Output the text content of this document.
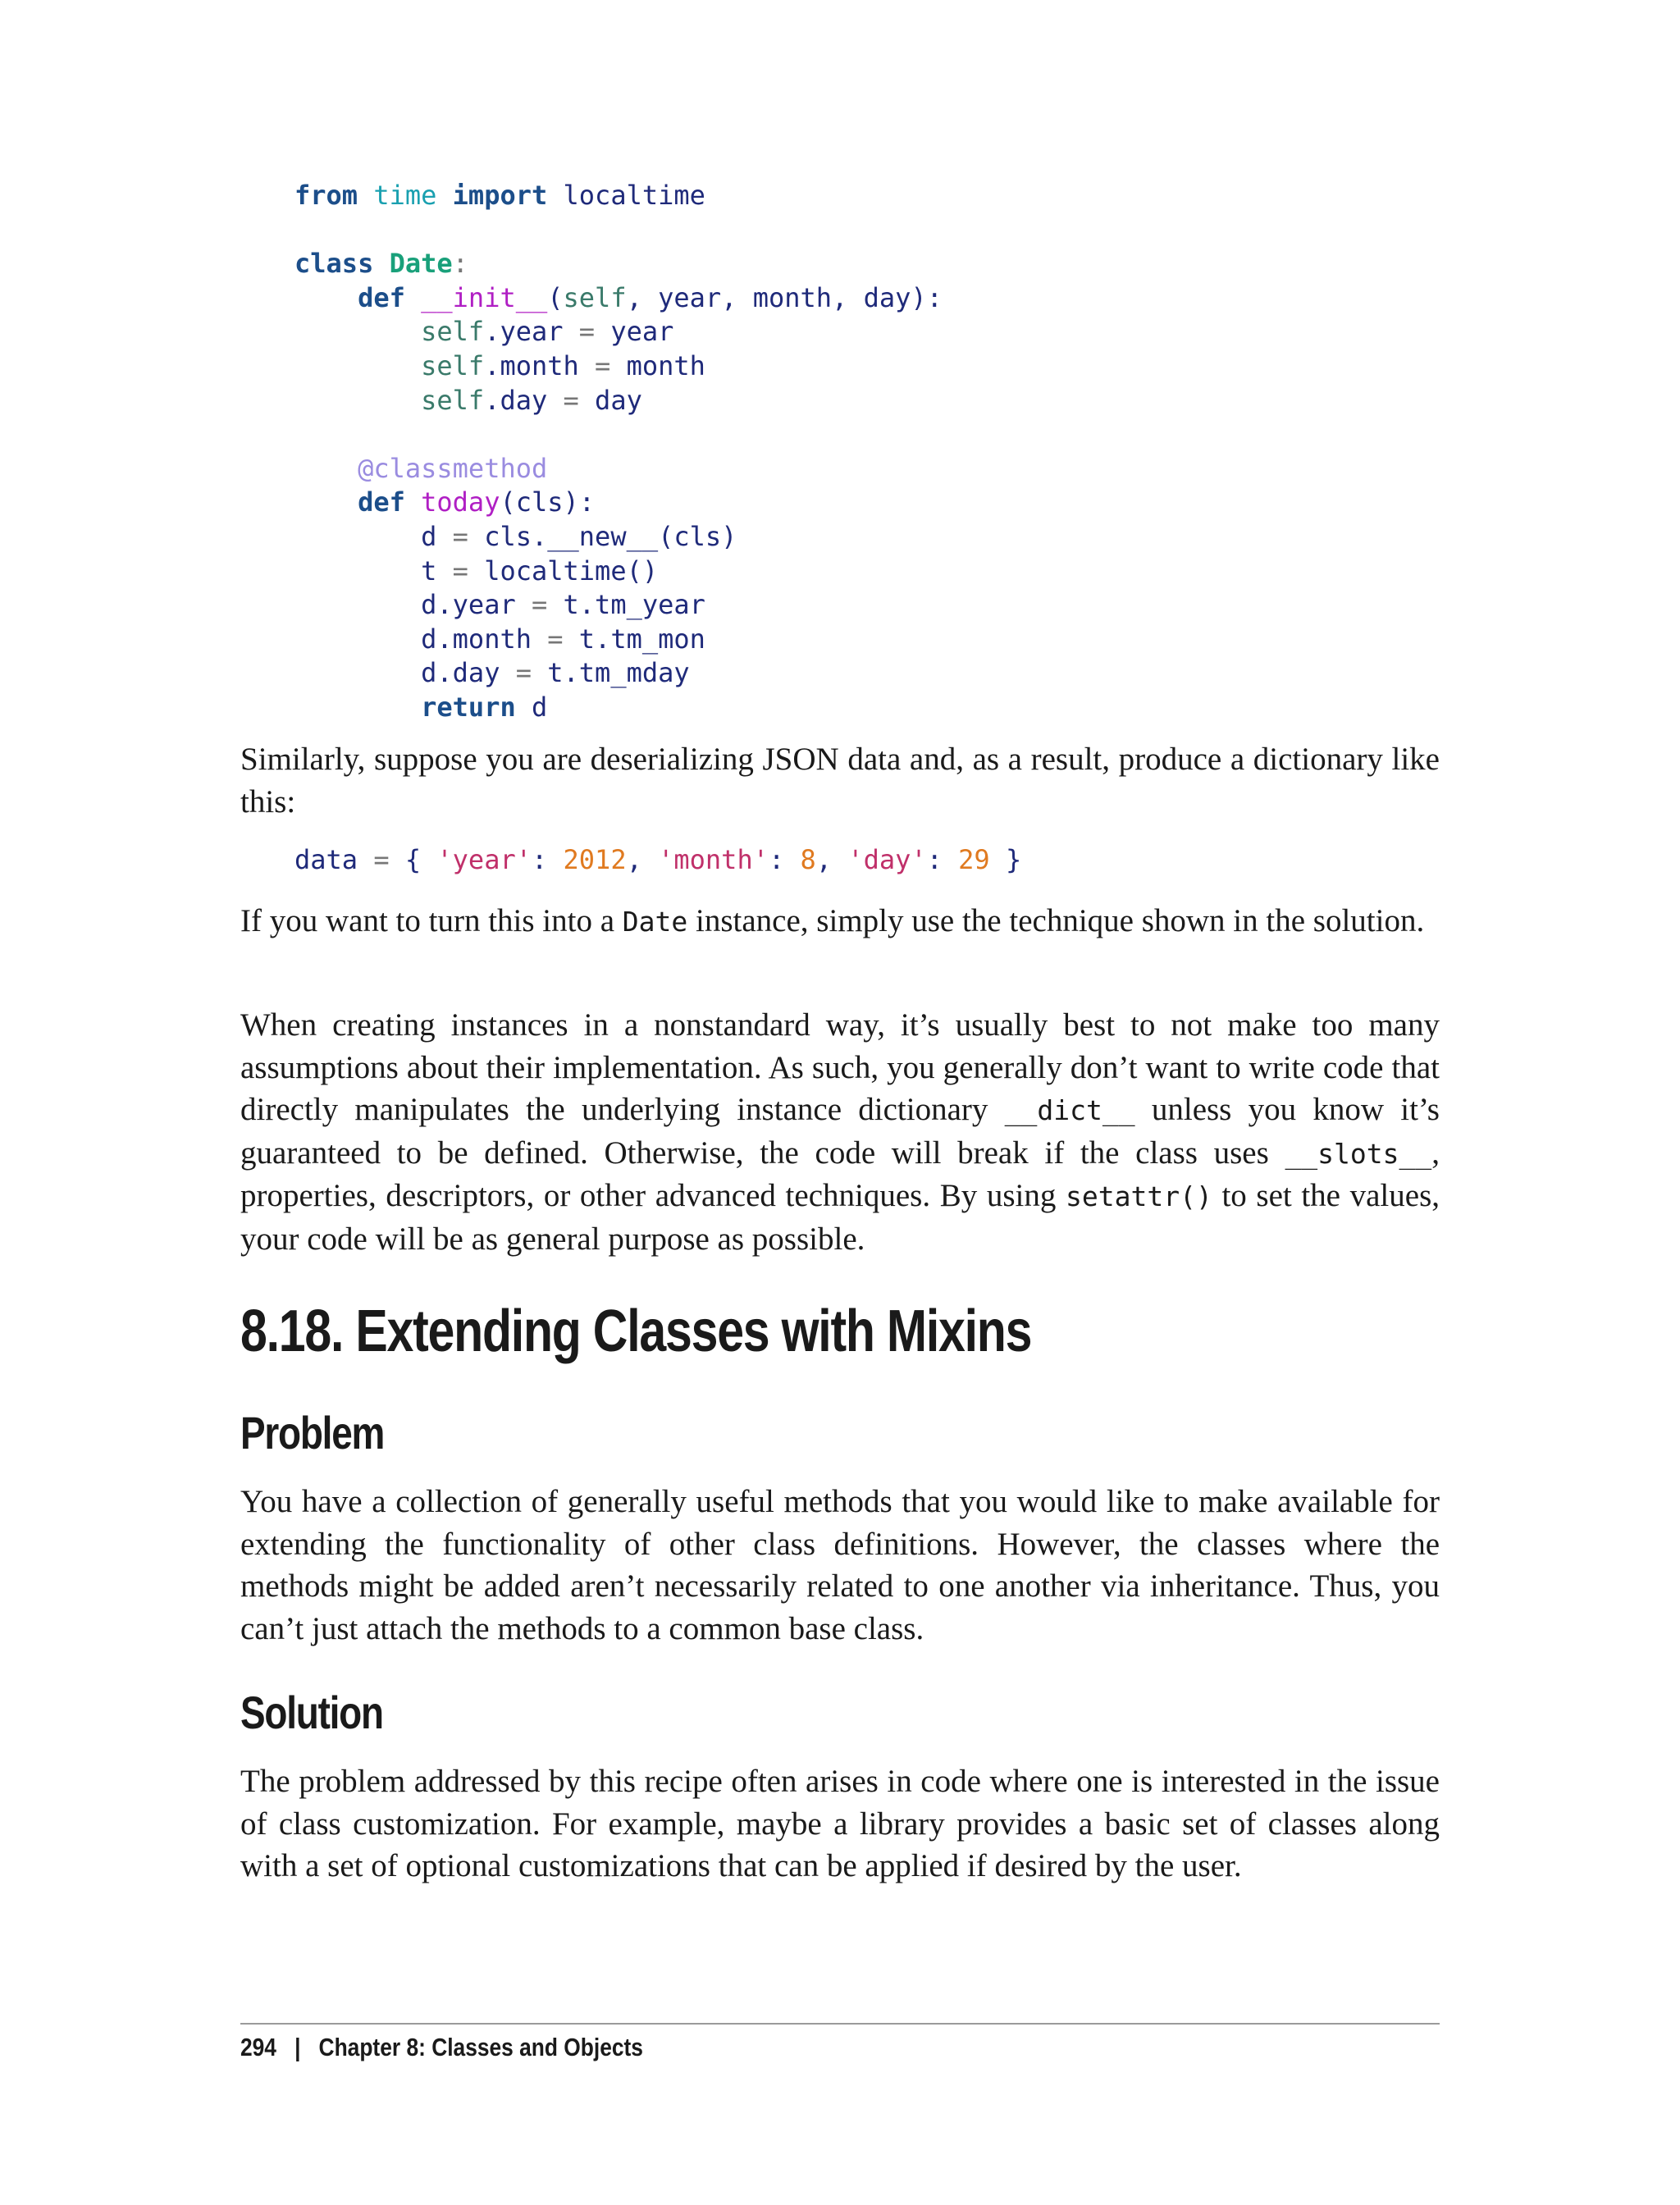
from time import localtime

class Date:
def __init__(self, year, month, day):
self.year = year
self.month = month
self.day = day

@classmethod
def today(cls):
d = cls.__new__(cls)
t = localtime()
d.year = t.tm_year
d.month = t.tm_mon
d.day = t.tm_mday
return d

Similarly, suppose you are deserializing JSON data and, as a result, produce a dictionary like this:

data = { 'year': 2012, 'month': 8, 'day': 29 }

If you want to turn this into a Date instance, simply use the technique shown in the solution.

When creating instances in a nonstandard way, it’s usually best to not make too many assumptions about their implementation. As such, you generally don’t want to write code that directly manipulates the underlying instance dictionary __dict__ unless you know it’s guaranteed to be defined. Otherwise, the code will break if the class uses __slots__, properties, descriptors, or other advanced techniques. By using setattr() to set the values, your code will be as general purpose as possible.

8.18. Extending Classes with Mixins
Problem

You have a collection of generally useful methods that you would like to make available for extending the functionality of other class definitions. However, the classes where the methods might be added aren’t necessarily related to one another via inheritance. Thus, you can’t just attach the methods to a common base class.

Solution

The problem addressed by this recipe often arises in code where one is interested in the issue of class customization. For example, maybe a library provides a basic set of classes along with a set of optional customizations that can be applied if desired by the user.

294 | Chapter 8: Classes and Objects
